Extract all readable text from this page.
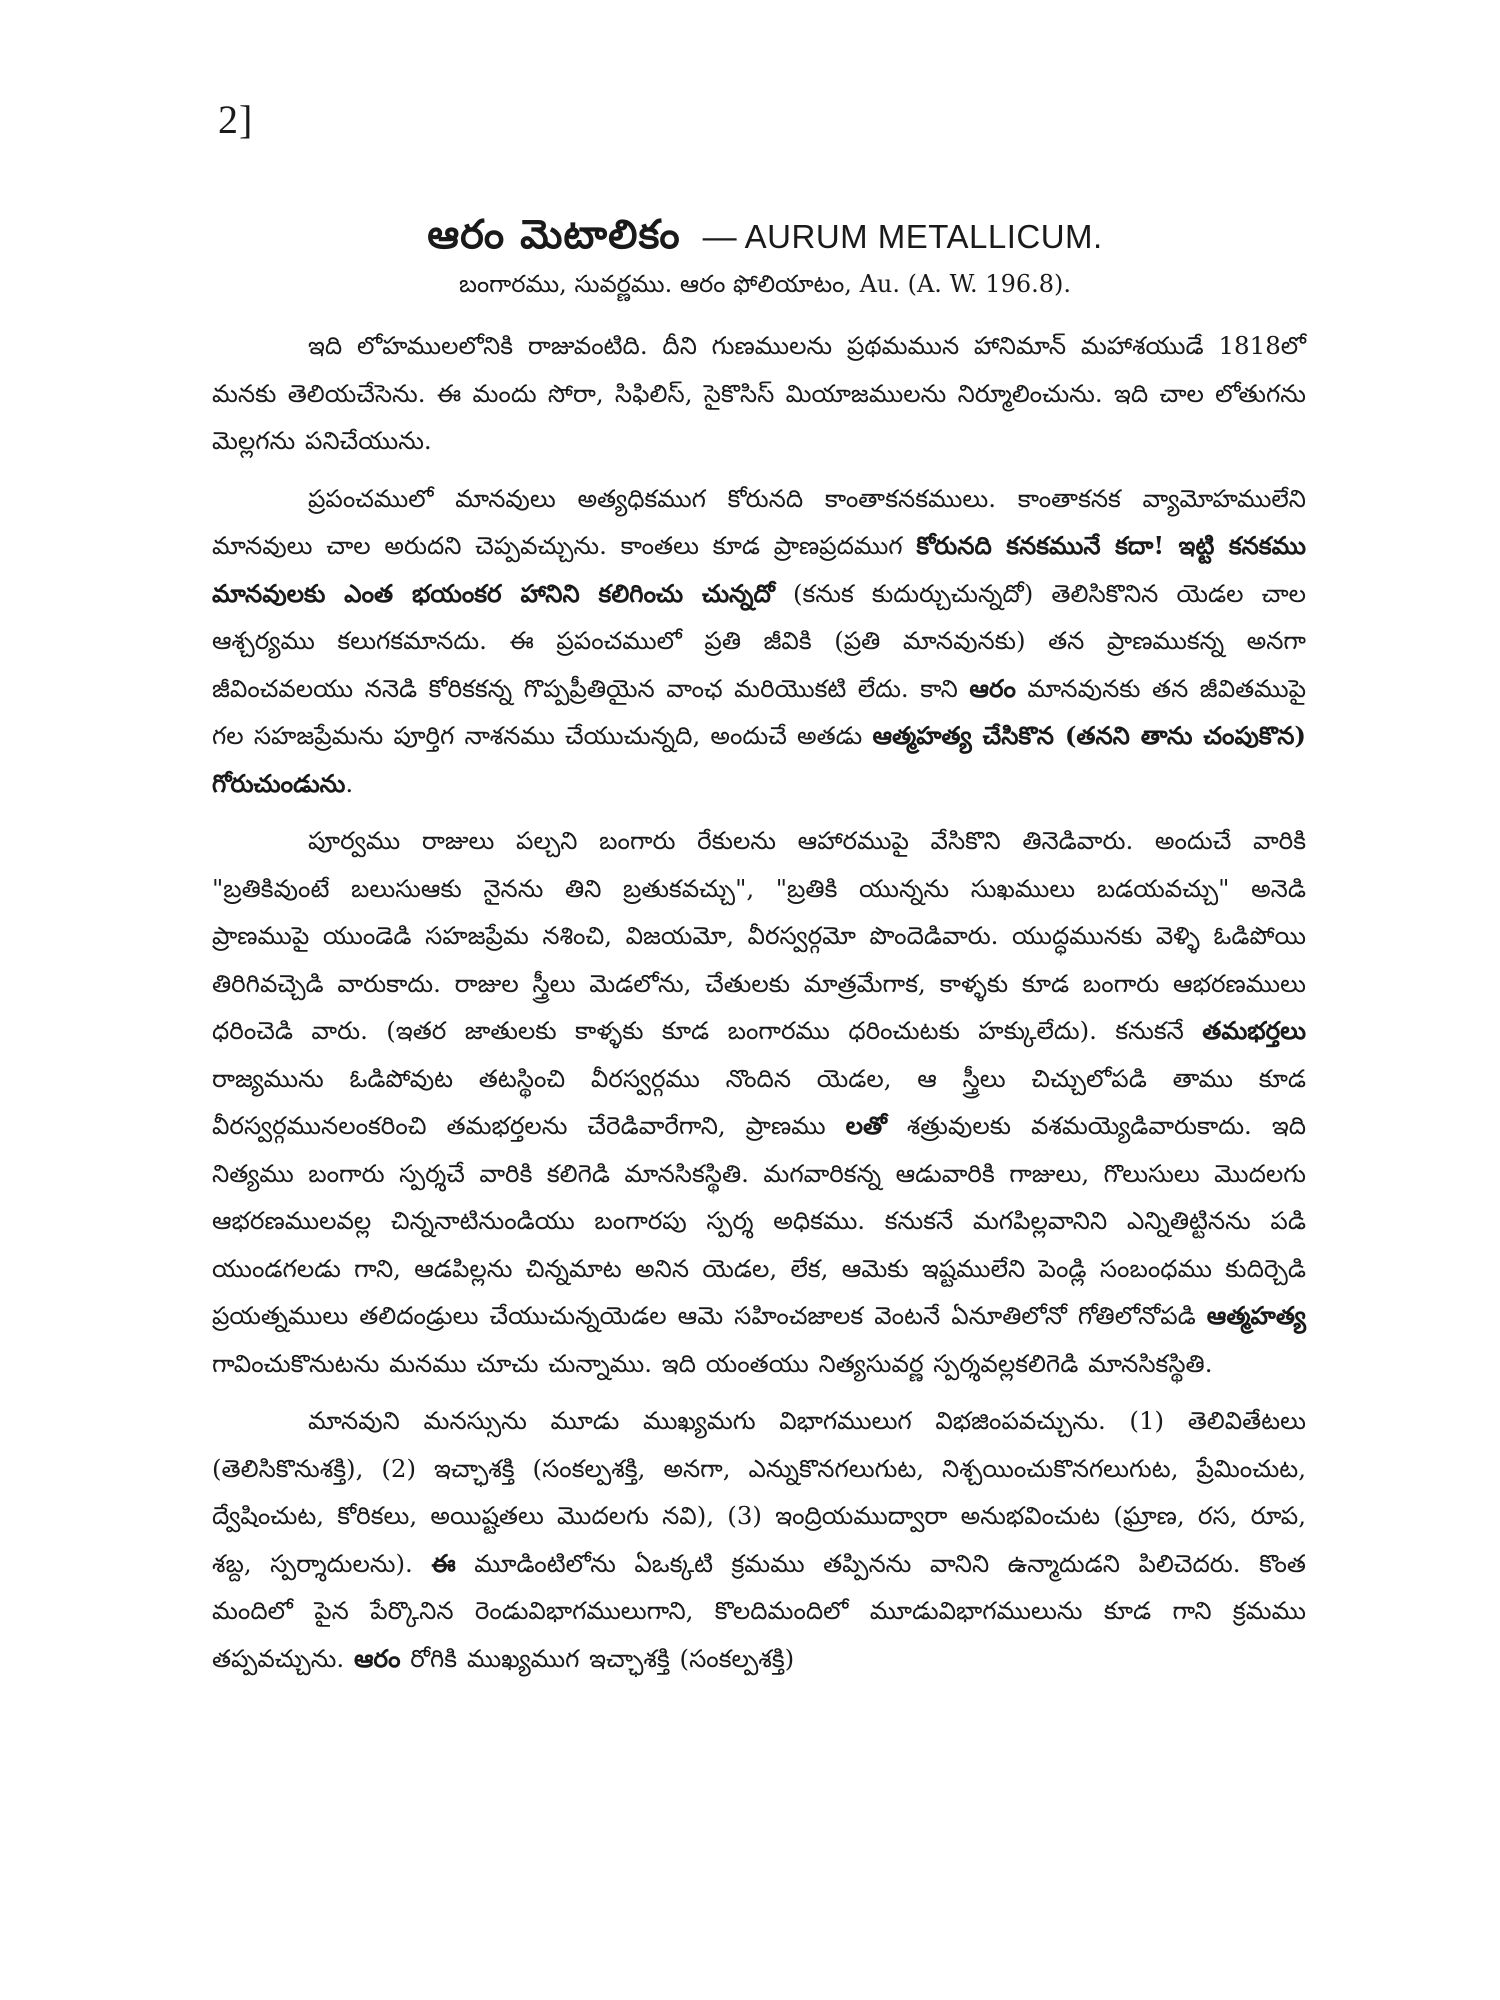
2]
ఆరం మెటాలికం — AURUM METALLICUM.
బంగారము, సువర్ణము. ఆరం ఫోలియాటం, Au. (A. W. 196.8).

ఇది లోహములలోనికి రాజువంటిది. దీని గుణములను ప్రథమమున హానిమాన్ మహాశయుడే 1818లో మనకు తెలియచేసెను. ఈ మందు సోరా, సిఫిలిస్, సైకొసిస్ మియాజములను నిర్మూలించును. ఇది చాల లోతుగను మెల్లగను పనిచేయును.

ప్రపంచములో మానవులు అత్యధికముగ కోరునది కాంతాకనకములు. కాంతాకనక వ్యామోహములేని మానవులు చాల అరుదని చెప్పవచ్చును. కాంతలు కూడ ప్రాణప్రదముగ కోరునది కనకమునే కదా! ఇట్టి కనకము మానవులకు ఎంత భయంకర హానిని కలిగించు చున్నదో (కనుక కుదుర్చుచున్నదో) తెలిసికొనిన యెడల చాల ఆశ్చర్యము కలుగకమానదు. ఈ ప్రపంచములో ప్రతి జీవికి (ప్రతి మానవునకు) తన ప్రాణముకన్న అనగా జీవించవలయు ననెడి కోరికకన్న గొప్పప్రీతియైన వాంఛ మరియొకటి లేదు. కాని ఆరం మానవునకు తన జీవితముపై గల సహజప్రేమను పూర్తిగ నాశనము చేయుచున్నది, అందుచే అతడు ఆత్మహత్య చేసికొన (తనని తాను చంపుకొన) గోరుచుండును.

పూర్వము రాజులు పల్చని బంగారు రేకులను ఆహారముపై వేసికొని తినెడివారు. అందుచే వారికి "బ్రతికివుంటే బలుసుఆకు నైనను తిని బ్రతుకవచ్చు", "బ్రతికి యున్నను సుఖములు బడయవచ్చు" అనెడి ప్రాణముపై యుండెడి సహజప్రేమ నశించి, విజయమో, వీరస్వర్గమో పొందెడివారు. యుద్ధమునకు వెళ్ళి ఓడిపోయి తిరిగివచ్చెడి వారుకాదు. రాజుల స్త్రీలు మెడలోను, చేతులకు మాత్రమేగాక, కాళ్ళకు కూడ బంగారు ఆభరణములు ధరించెడి వారు. (ఇతర జాతులకు కాళ్ళకు కూడ బంగారము ధరించుటకు హక్కులేదు). కనుకనే తమభర్తలు రాజ్యమును ఓడిపోవుట తటస్థించి వీరస్వర్గము నొందిన యెడల, ఆ స్త్రీలు చిచ్చులోపడి తాము కూడ వీరస్వర్గమునలంకరించి తమభర్తలను చేరెడివారేగాని, ప్రాణము లతో శత్రువులకు వశమయ్యెడివారుకాదు. ఇది నిత్యము బంగారు స్పర్శచే వారికి కలిగెడి మానసికస్థితి. మగవారికన్న ఆడువారికి గాజులు, గొలుసులు మొదలగు ఆభరణములవల్ల చిన్ననాటినుండియు బంగారపు స్పర్శ అధికము. కనుకనే మగపిల్లవానిని ఎన్నితిట్టినను పడి యుండగలడు గాని, ఆడపిల్లను చిన్నమాట అనిన యెడల, లేక, ఆమెకు ఇష్టములేని పెండ్లి సంబంధము కుదిర్చెడి ప్రయత్నములు తలిదండ్రులు చేయుచున్నయెడల ఆమె సహించజాలక వెంటనే ఏనూతిలోనో గోతిలోనోపడి ఆత్మహత్య గావించుకొనుటను మనము చూచు చున్నాము. ఇది యంతయు నిత్యసువర్ణ స్పర్శవల్లకలిగెడి మానసికస్థితి.

మానవుని మనస్సును మూడు ముఖ్యమగు విభాగములుగ విభజింపవచ్చును. (1) తెలివితేటలు (తెలిసికొనుశక్తి), (2) ఇచ్ఛాశక్తి (సంకల్పశక్తి, అనగా, ఎన్నుకొనగలుగుట, నిశ్చయించుకొనగలుగుట, ప్రేమించుట, ద్వేషించుట, కోరికలు, అయిష్టతలు మొదలగు నవి), (3) ఇంద్రియముద్వారా అనుభవించుట (ఘ్రాణ, రస, రూప, శబ్ద, స్పర్శాదులను). ఈ మూడింటిలోను ఏఒక్కటి క్రమము తప్పినను వానిని ఉన్మాదుడని పిలిచెదరు. కొంత మందిలో పైన పేర్కొనిన రెండువిభాగములుగాని, కొలదిమందిలో మూడువిభాగములును కూడ గాని క్రమము తప్పవచ్చును. ఆరం రోగికి ముఖ్యముగ ఇచ్ఛాశక్తి (సంకల్పశక్తి)
